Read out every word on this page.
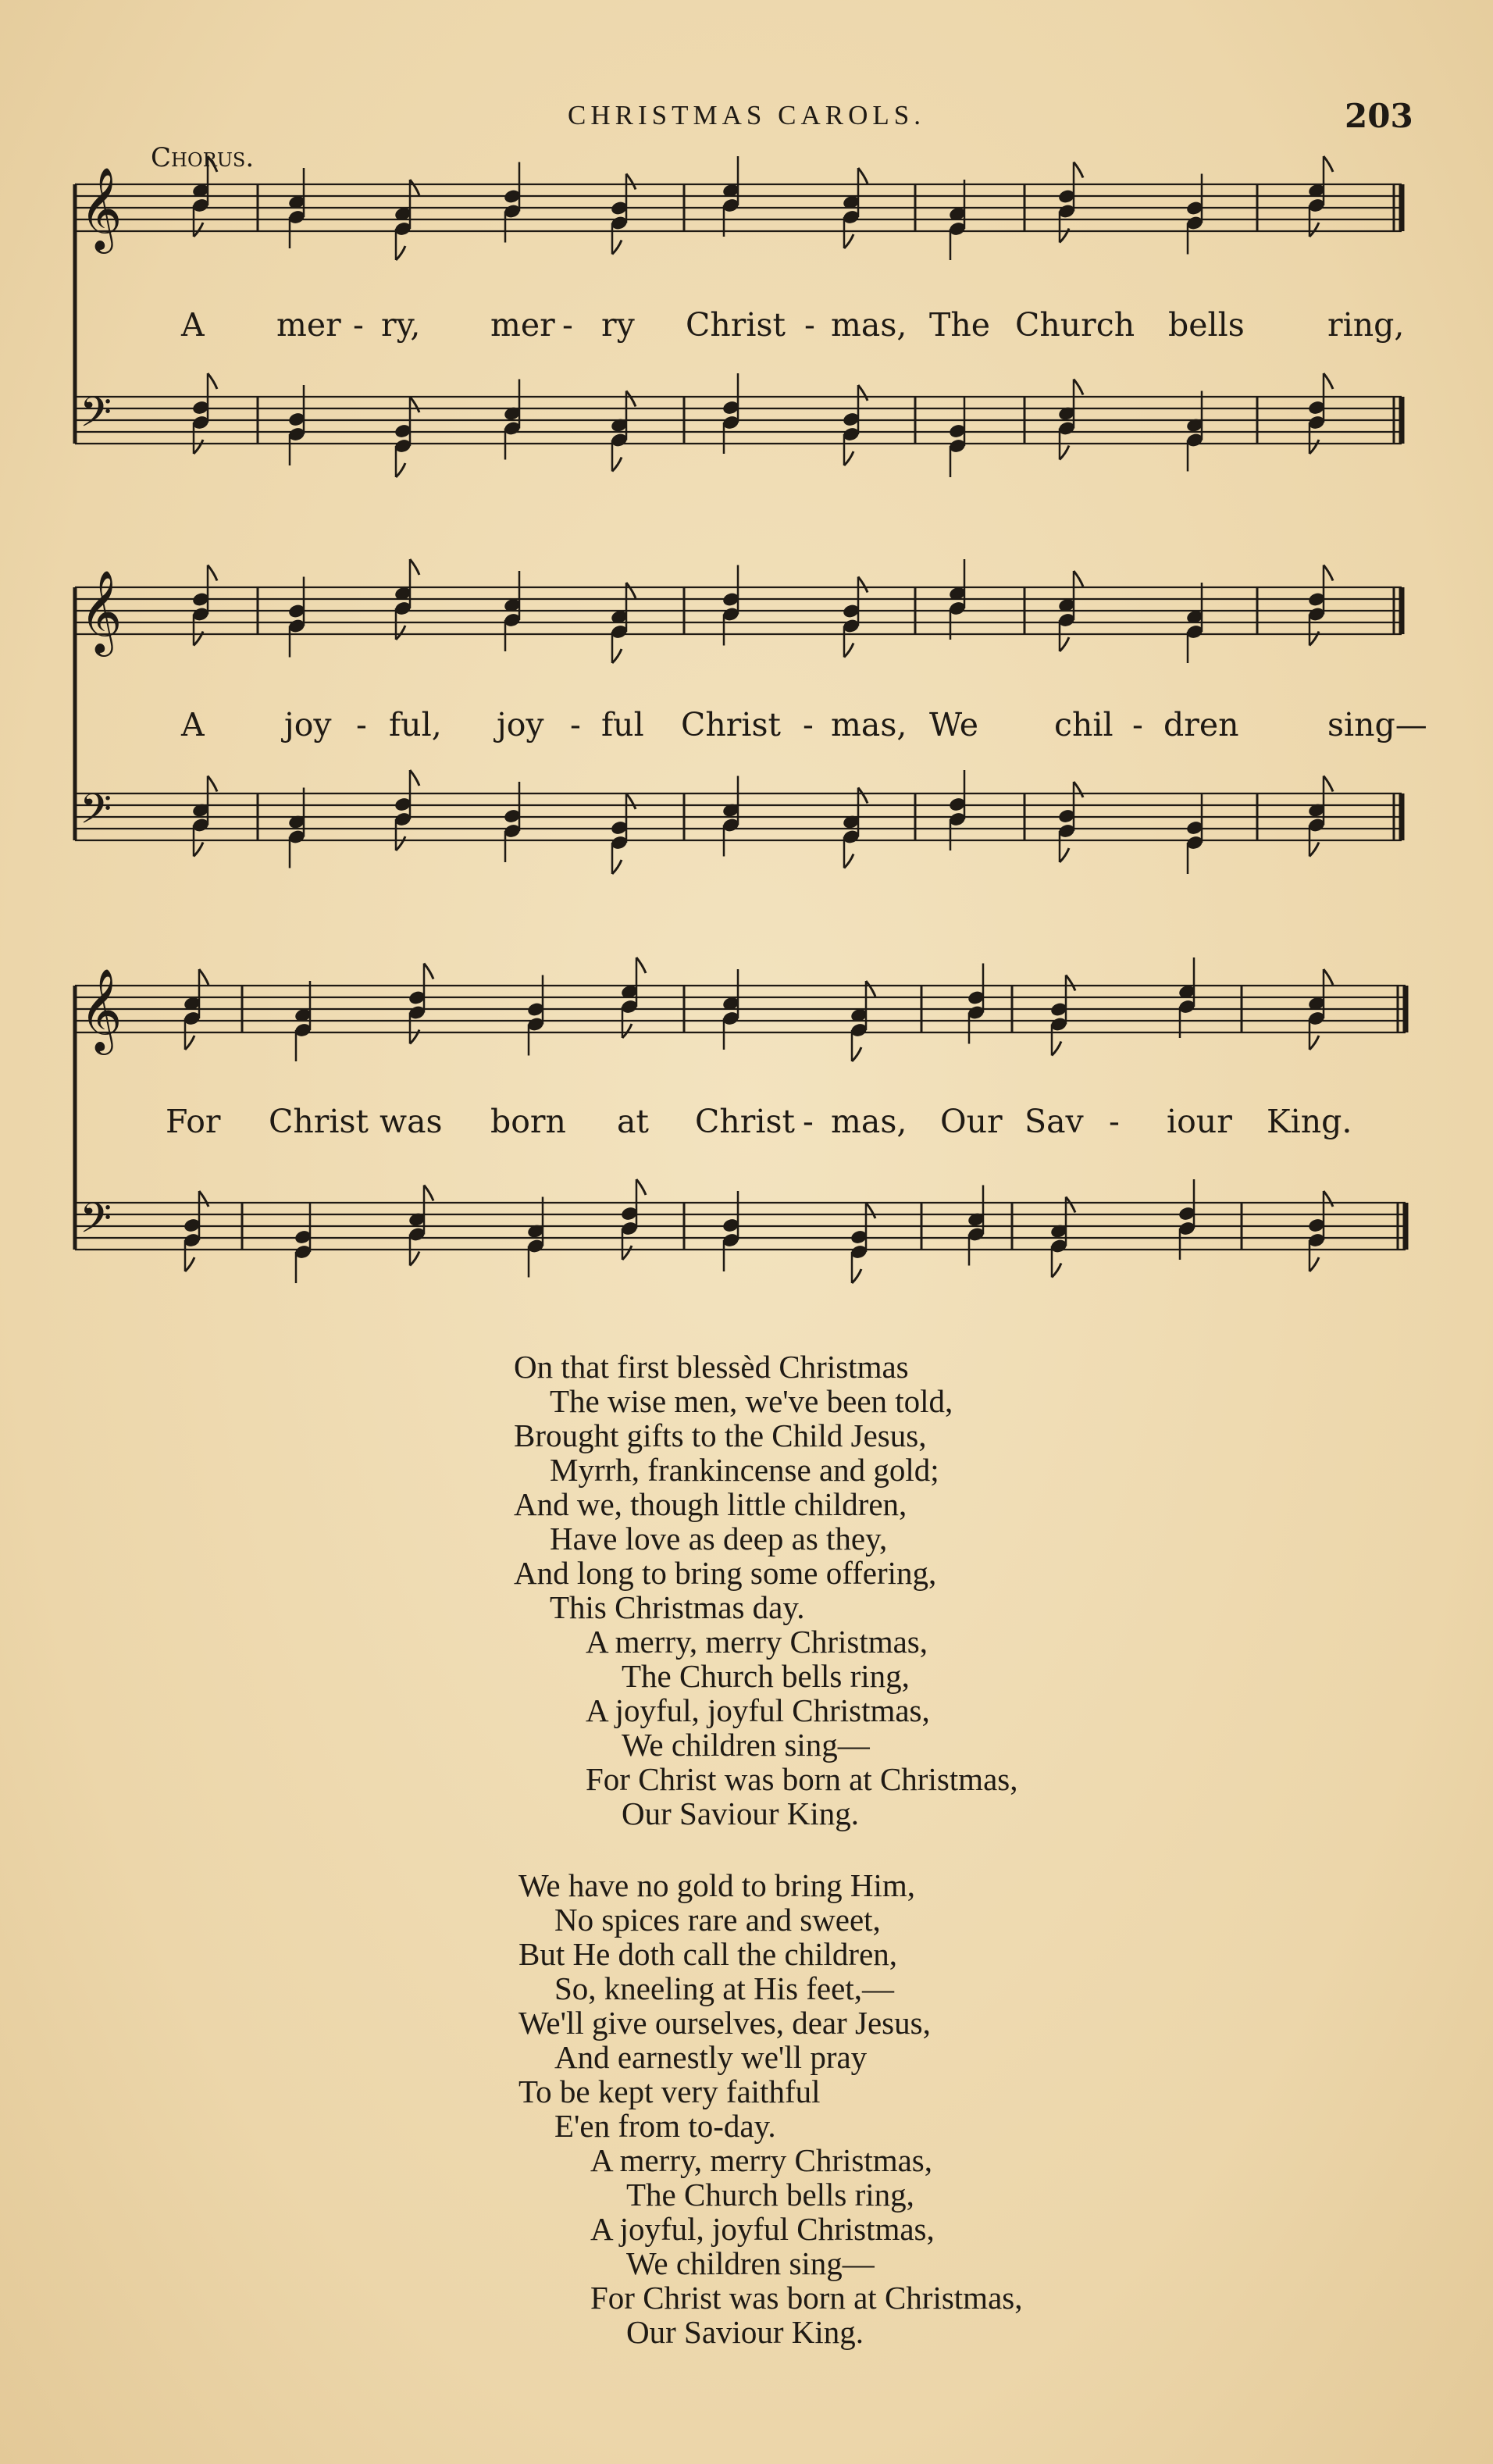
CHRISTMAS CAROLS.	203
Chorus.
𝄞
𝄢
𝄞
𝄢
𝄞
𝄢
A mer - ry, mer - ry Christ - mas, The Church bells	ring,
A joy - ful, joy - ful Christ - mas, We chil - dren	sing—
For Christ was born at Christ - mas, Our Sav - iour King.
On that first blessèd Christmas
The wise men, we've been told,
Brought gifts to the Child Jesus,
Myrrh, frankincense and gold;
And we, though little children,
Have love as deep as they,
And long to bring some offering,
This Christmas day.
A merry, merry Christmas,
The Church bells ring,
A joyful, joyful Christmas,
We children sing—
For Christ was born at Christmas,
Our Saviour King.
We have no gold to bring Him,
No spices rare and sweet,
But He doth call the children,
So, kneeling at His feet,—
We'll give ourselves, dear Jesus,
And earnestly we'll pray
To be kept very faithful
E'en from to-day.
A merry, merry Christmas,
The Church bells ring,
A joyful, joyful Christmas,
We children sing—
For Christ was born at Christmas,
Our Saviour King.
